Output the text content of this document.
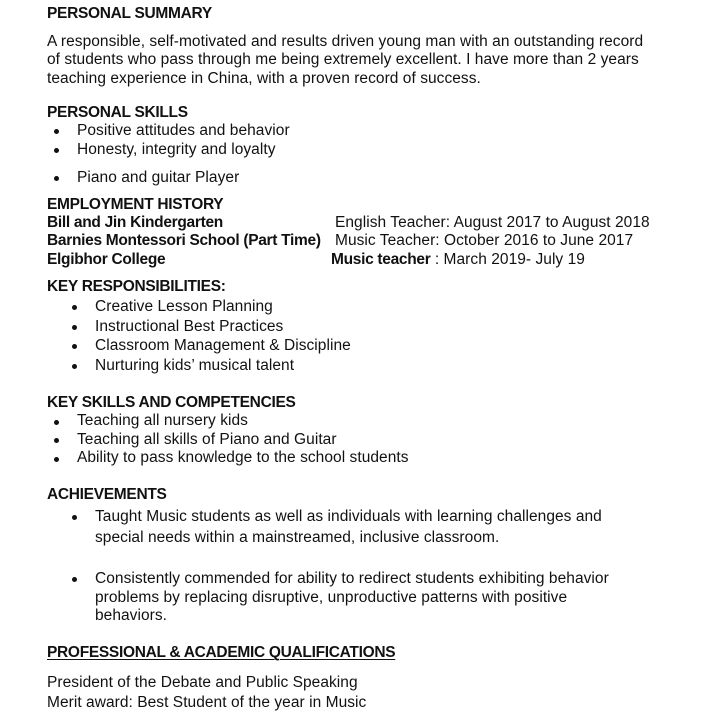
PERSONAL SUMMARY
A responsible, self-motivated and results driven young man with an outstanding record
of students who pass through me being extremely excellent. I have more than 2 years
teaching experience in China, with a proven record of success.
PERSONAL SKILLS
Positive attitudes and behavior
Honesty, integrity and loyalty
Piano and guitar Player
EMPLOYMENT HISTORY
Bill and Jin Kindergarten	English Teacher: August 2017 to August 2018
Barnies Montessori School (Part Time) Music Teacher: October 2016 to June 2017
Elgibhor College	Music teacher : March 2019- July 19
KEY RESPONSIBILITIES:
Creative Lesson Planning
Instructional Best Practices
Classroom Management & Discipline
Nurturing kids’ musical talent
KEY SKILLS AND COMPETENCIES
Teaching all nursery kids
Teaching all skills of Piano and Guitar
Ability to pass knowledge to the school students
ACHIEVEMENTS
Taught Music students as well as individuals with learning challenges and
special needs within a mainstreamed, inclusive classroom.
Consistently commended for ability to redirect students exhibiting behavior
problems by replacing disruptive, unproductive patterns with positive
behaviors.
PROFESSIONAL & ACADEMIC QUALIFICATIONS
President of the Debate and Public Speaking
Merit award: Best Student of the year in Music
